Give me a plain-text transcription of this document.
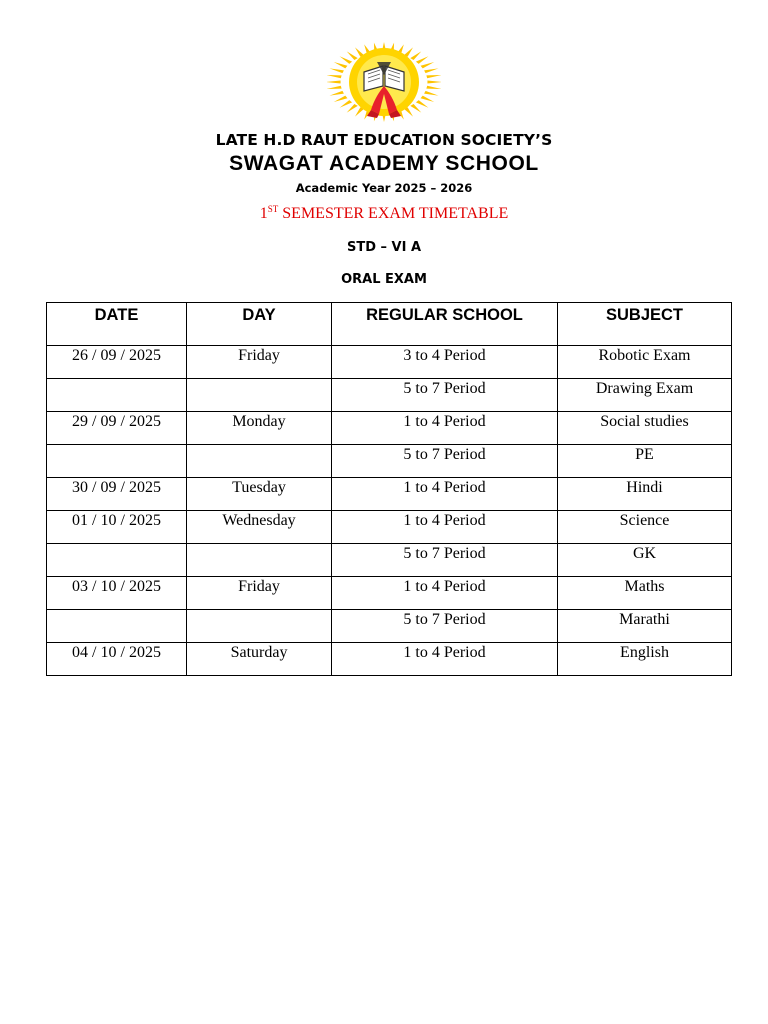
LATE H.D RAUT EDUCATION SOCIETY’S
SWAGAT ACADEMY SCHOOL
Academic Year 2025 – 2026
1ST SEMESTER EXAM TIMETABLE
STD – VI A
ORAL EXAM
DATE	DAY	REGULAR SCHOOL	SUBJECT
26 / 09 / 2025	Friday	3 to 4 Period	Robotic Exam
		5 to 7 Period	Drawing Exam
29 / 09 / 2025	Monday	1 to 4 Period	Social studies
		5 to 7 Period	PE
30 / 09 / 2025	Tuesday	1 to 4 Period	Hindi
01 / 10 / 2025	Wednesday	1 to 4 Period	Science
		5 to 7 Period	GK
03 / 10 / 2025	Friday	1 to 4 Period	Maths
		5 to 7 Period	Marathi
04 / 10 / 2025	Saturday	1 to 4 Period	English
